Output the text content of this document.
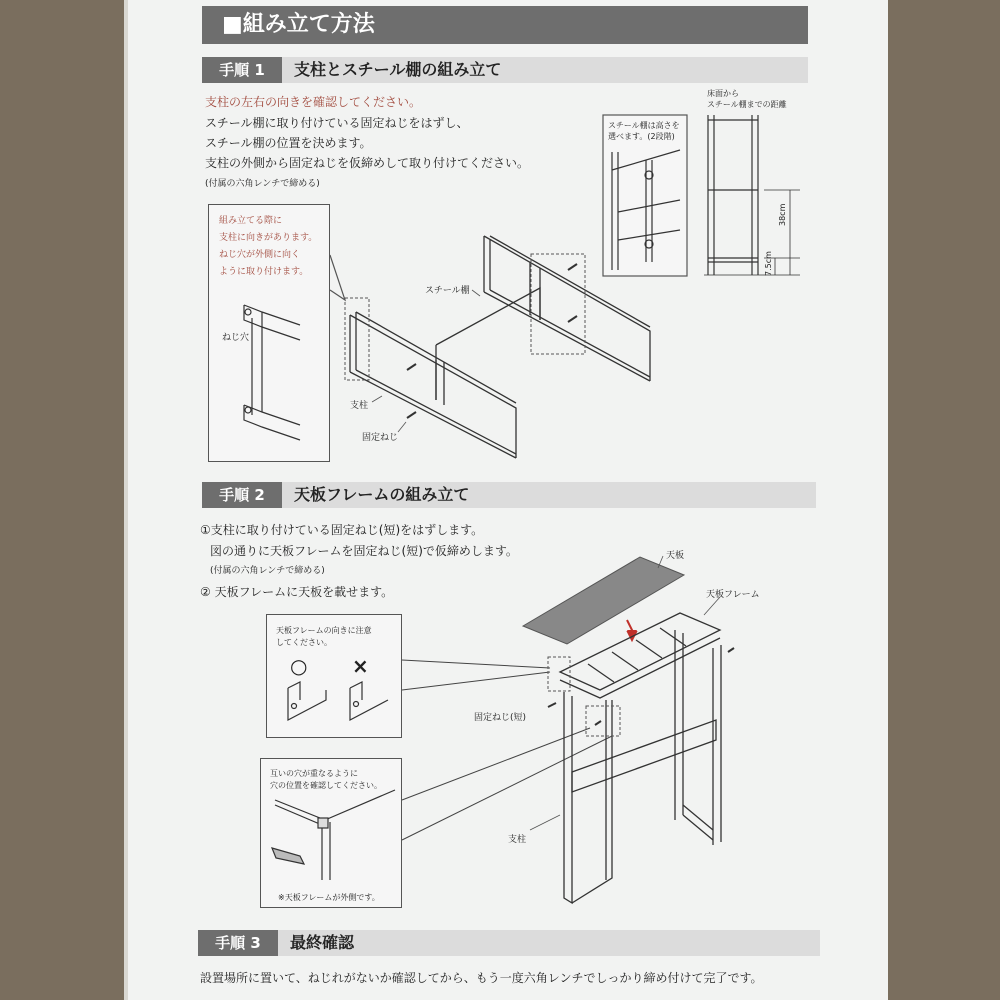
■組み立て方法
手順 1	支柱とスチール棚の組み立て
支柱の左右の向きを確認してください。
スチール棚に取り付けている固定ねじをはずし、
スチール棚の位置を決めます。
支柱の外側から固定ねじを仮締めして取り付けてください。
(付属の六角レンチで締める)
組み立てる際に
支柱に向きがあります。
ねじ穴が外側に向く
ように取り付けます。
ねじ穴
スチール棚は高さを
選べます。(2段階)
床面から
スチール棚までの距離
38cm
7.5cm
スチール棚
支柱
固定ねじ
手順 2	天板フレームの組み立て
①支柱に取り付けている固定ねじ(短)をはずします。
図の通りに天板フレームを固定ねじ(短)で仮締めします。
(付属の六角レンチで締める)
② 天板フレームに天板を載せます。
天板フレームの向きに注意
してください。
○ ×
互いの穴が重なるように
穴の位置を確認してください。
※天板フレームが外側です。
天板
天板フレーム
固定ねじ(短)
支柱
手順 3	最終確認
設置場所に置いて、ねじれがないか確認してから、もう一度六角レンチでしっかり締め付けて完了です。
